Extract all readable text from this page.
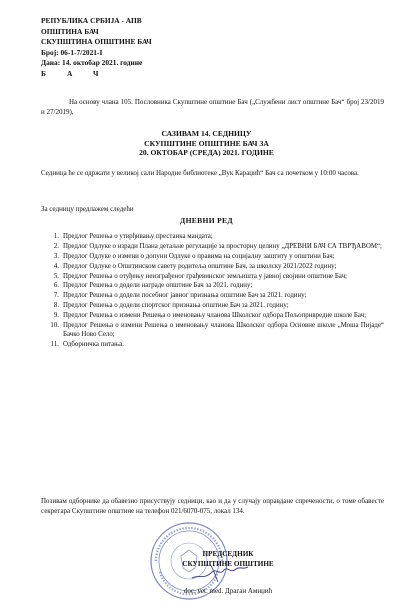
РЕПУБЛИКА СРБИЈА - АПВ
ОПШТИНА БАЧ
СКУПШТИНА ОПШТИНЕ БАЧ
Број: 06-1-7/2021-I
Дана: 14. октобар 2021. године
Б	А	Ч
На основу члана 105. Пословника Скупштине општине Бач („Службени лист општине Бач“ број 23/2019 и 27/2019),
САЗИВАМ 14. СЕДНИЦУ
СКУПШТИНЕ ОПШТИНЕ БАЧ ЗА
20. ОКТОБАР (СРЕДА) 2021. ГОДИНЕ
Седница ће се одржати у великој сали Народне библиотеке „Вук Караџић“ Бач са почетком у 10:00 часова.
За седницу предлажем следећи
ДНЕВНИ РЕД
1. Предлог Решења о утврђивању престанка мандата;
2. Предлог Одлуке о изради Плана детаљне регулације за просторну целину „ДРЕВНИ БАЧ СА ТВРЂАВОМ“;
3. Предлог Одлуке о измени о допуни Одлуке о правима на социјалну заштиту у општини Бач;
4. Предлог Одлуке о Општинском савету родитеља општине Бач, за школску 2021/2022 годину;
5. Предлог Решења о отуђењу неизграђеног грађевинског земљишта у јавној својини општине Бач;
6. Предлог Решења о додели награде општине Бач за 2021. годину;
7. Предлог Решења о додели посебног јавног признања општине Бач за 2021. годину;
8. Предлог Решења о додели спортског признања општине Бач за 2021. годину;
9. Предлог Решења о измени Решења о именовању чланова Школског одбора Пољопривредне школе Бач;
10. Предлог Решења о измени Решења о именовању чланова Школског одбора Основне школе „Моша Пијаде“ Бачко Ново Село;
11. Одборничка питања.
Позивам одборнике да обавезно присуствују седници, као и да у случају оправдане спречености, о томе обавесте секретара Скупштине општине на телефон 021/6070-075, локал 134.
ПРЕДСЕДНИК
СКУПШТИНЕ ОПШТИНЕ
doc. vet. med. Драган Амиџић
